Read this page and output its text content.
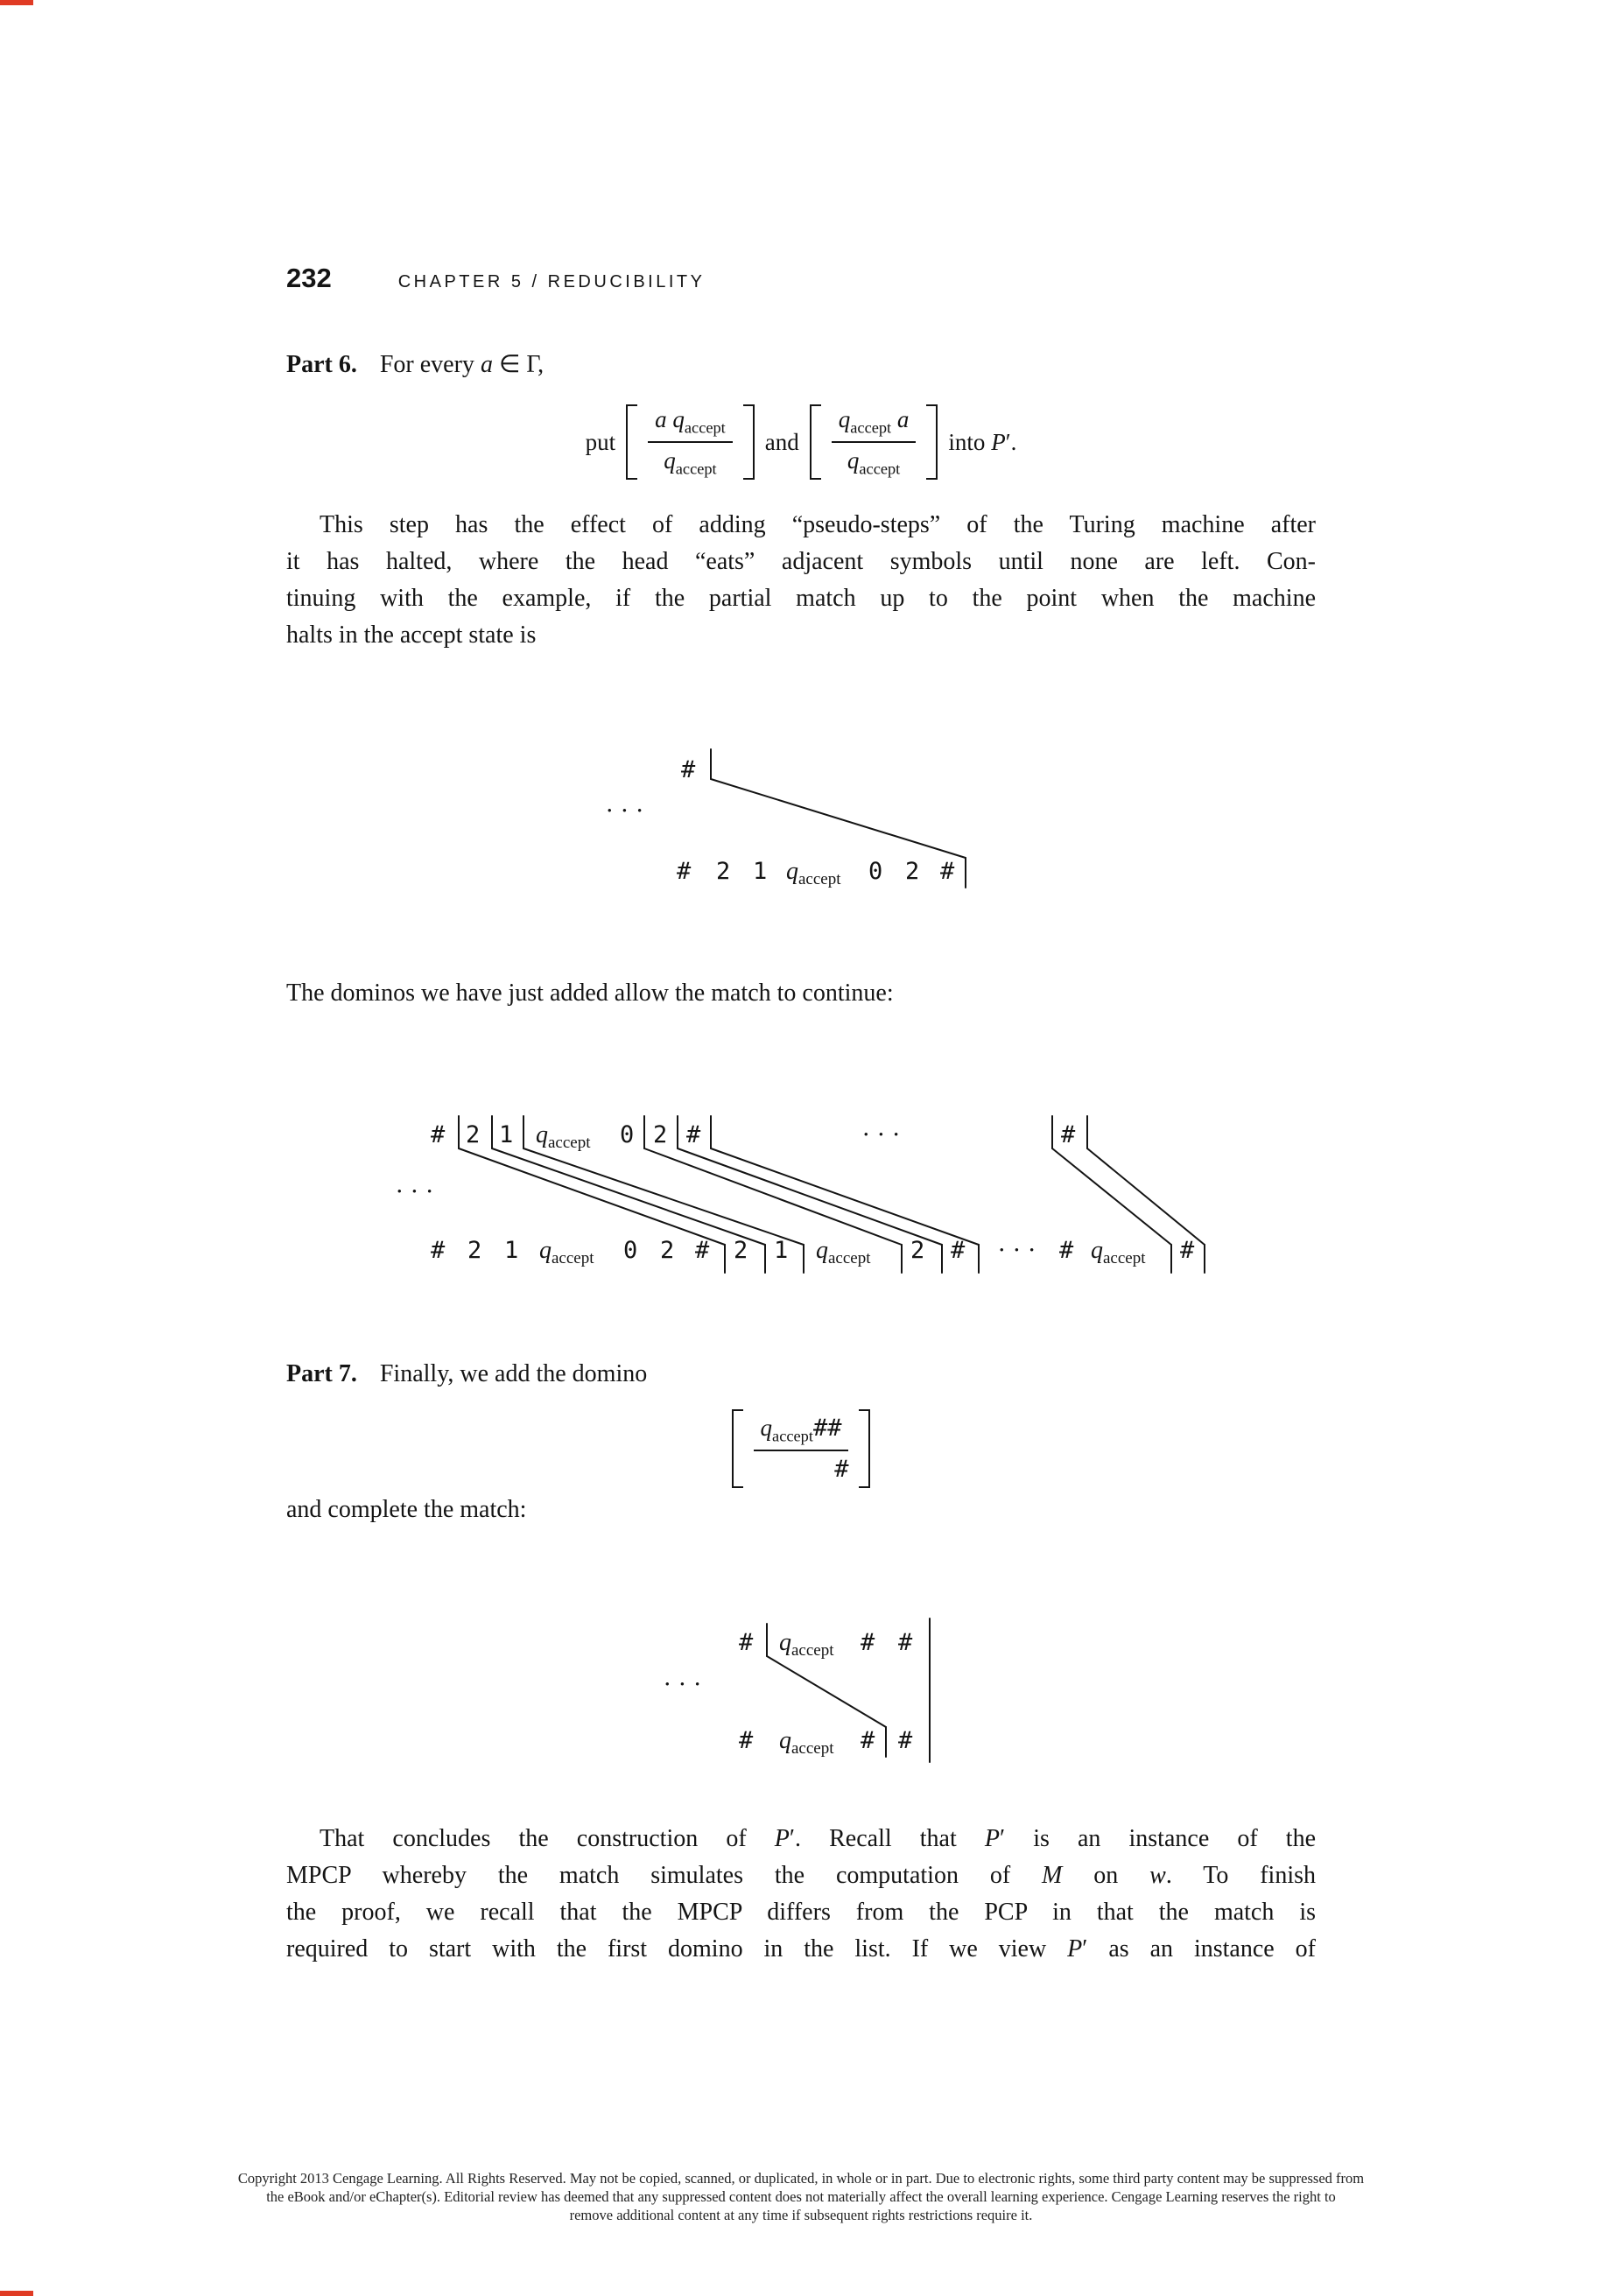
232	CHAPTER 5 / REDUCIBILITY
Part 6. For every a ∈ Γ,
put $\frac{a q_{accept}}{q_{accept}}$ and $\frac{q_{accept} a}{q_{accept}}$ into P′.
This step has the effect of adding “pseudo-steps” of the Turing machine after
it has halted, where the head “eats” adjacent symbols until none are left. Con-
tinuing with the example, if the partial match up to the point when the machine
halts in the accept state is
· · ·
#
# 2 1 qaccept 0 2 #
The dominos we have just added allow the match to continue:
· · ·
# 2 1 qaccept 0 2 #	· · ·	#
# 2 1 qaccept 0 2 # 2 1 qaccept 2 # · · · # qaccept #
Part 7. Finally, we add the domino
$\frac{q_{accept}\#\#}{\#}$
and complete the match:
· · ·
# qaccept # #
# qaccept # #
That concludes the construction of P′. Recall that P′ is an instance of the
MPCP whereby the match simulates the computation of M on w. To finish
the proof, we recall that the MPCP differs from the PCP in that the match is
required to start with the first domino in the list. If we view P′ as an instance of
Copyright 2013 Cengage Learning. All Rights Reserved. May not be copied, scanned, or duplicated, in whole or in part. Due to electronic rights, some third party content may be suppressed from
the eBook and/or eChapter(s). Editorial review has deemed that any suppressed content does not materially affect the overall learning experience. Cengage Learning reserves the right to
remove additional content at any time if subsequent rights restrictions require it.
